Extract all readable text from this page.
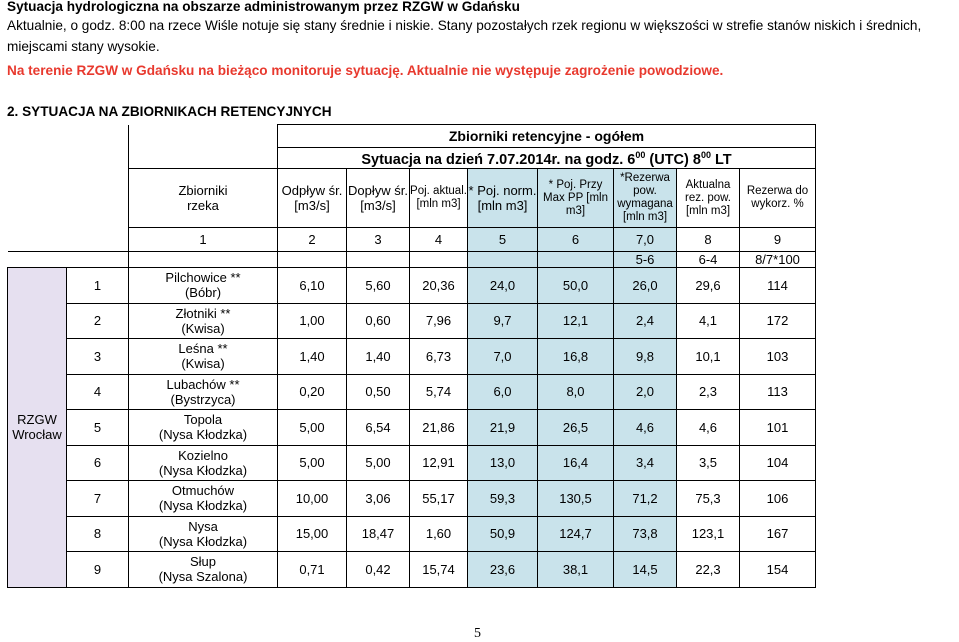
Sytuacja hydrologiczna na obszarze administrowanym przez RZGW w Gdańsku
Aktualnie, o godz. 8:00 na rzece Wiśle notuje się stany średnie i niskie. Stany pozostałych rzek regionu w większości w strefie stanów niskich i średnich,
miejscami stany wysokie.
Na terenie RZGW w Gdańsku na bieżąco monitoruje sytuację. Aktualnie nie występuje zagrożenie powodziowe.
2. SYTUACJA NA ZBIORNIKACH RETENCYJNYCH
			Zbiorniki retencyjne - ogółem							
			Sytuacja na dzień 7.07.2014r. na godz. $6^{00}$ (UTC) $8^{00}$ LT							
		Zbiorniki
rzeka	Odpływ śr. [m3/s]	Dopływ śr. [m3/s]	Poj. aktual. [mln m3]	* Poj. norm. [mln m3]	* Poj. Przy Max PP [mln m3]	*Rezerwa pow. wymagana [mln m3]	Aktualna rez. pow. [mln m3]	Rezerwa do wykorz. %
		1	2	3	4	5	6	7,0	8	9
								5-6	6-4	8/7*100
RZGW Wrocław	1	Pilchowice **
(Bóbr)	6,10	5,60	20,36	24,0	50,0	26,0	29,6	114
	2	Złotniki **
(Kwisa)	1,00	0,60	7,96	9,7	12,1	2,4	4,1	172
	3	Leśna **
(Kwisa)	1,40	1,40	6,73	7,0	16,8	9,8	10,1	103
	4	Lubachów **
(Bystrzyca)	0,20	0,50	5,74	6,0	8,0	2,0	2,3	113
	5	Topola
(Nysa Kłodzka)	5,00	6,54	21,86	21,9	26,5	4,6	4,6	101
	6	Kozielno
(Nysa Kłodzka)	5,00	5,00	12,91	13,0	16,4	3,4	3,5	104
	7	Otmuchów
(Nysa Kłodzka)	10,00	3,06	55,17	59,3	130,5	71,2	75,3	106
	8	Nysa
(Nysa Kłodzka)	15,00	18,47	1,60	50,9	124,7	73,8	123,1	167
	9	Słup
(Nysa Szalona)	0,71	0,42	15,74	23,6	38,1	14,5	22,3	154
5
